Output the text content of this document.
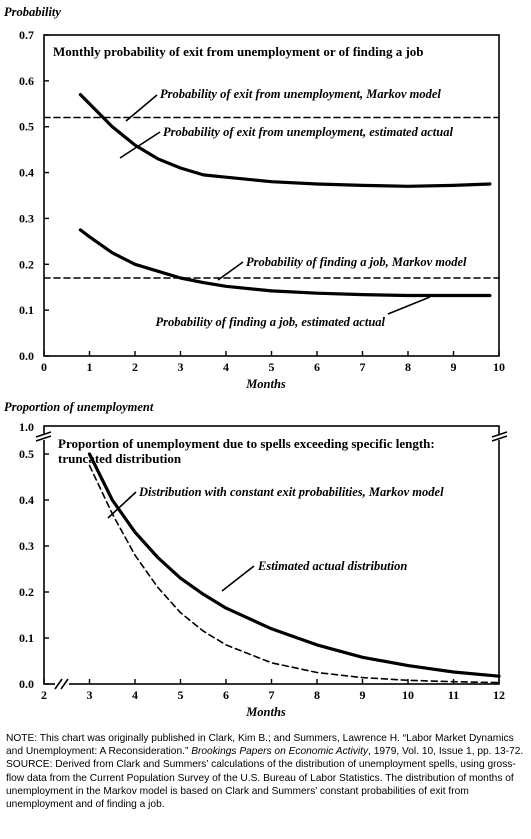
Probability
Monthly probability of exit from unemployment or of finding a job
0	1	2	3	4	5	6	7	8	9	10
0.0
0.1
0.2
0.3
0.4
0.5
0.6
0.7
Months
Probability of exit from unemployment, Markov model
Probability of exit from unemployment, estimated actual
Probability of finding a job, Markov model
Probability of finding a job, estimated actual
Proportion of unemployment
1.0
Proportion of unemployment due to spells exceeding specific length:
truncated distribution
2	3	4	5	6	7	8	9	10	11	12
0.0
0.1
0.2
0.3
0.4
0.5
Months
Distribution with constant exit probabilities, Markov model
Estimated actual distribution

NOTE: This chart was originally published in Clark, Kim B.; and Summers, Lawrence H. “Labor Market Dynamics and Unemployment: A Reconsideration.” Brookings Papers on Economic Activity, 1979, Vol. 10, Issue 1, pp. 13-72.

SOURCE: Derived from Clark and Summers’ calculations of the distribution of unemployment spells, using gross-flow data from the Current Population Survey of the U.S. Bureau of Labor Statistics. The distribution of months of unemployment in the Markov model is based on Clark and Summers’ constant probabilities of exit from unemployment and of finding a job.
